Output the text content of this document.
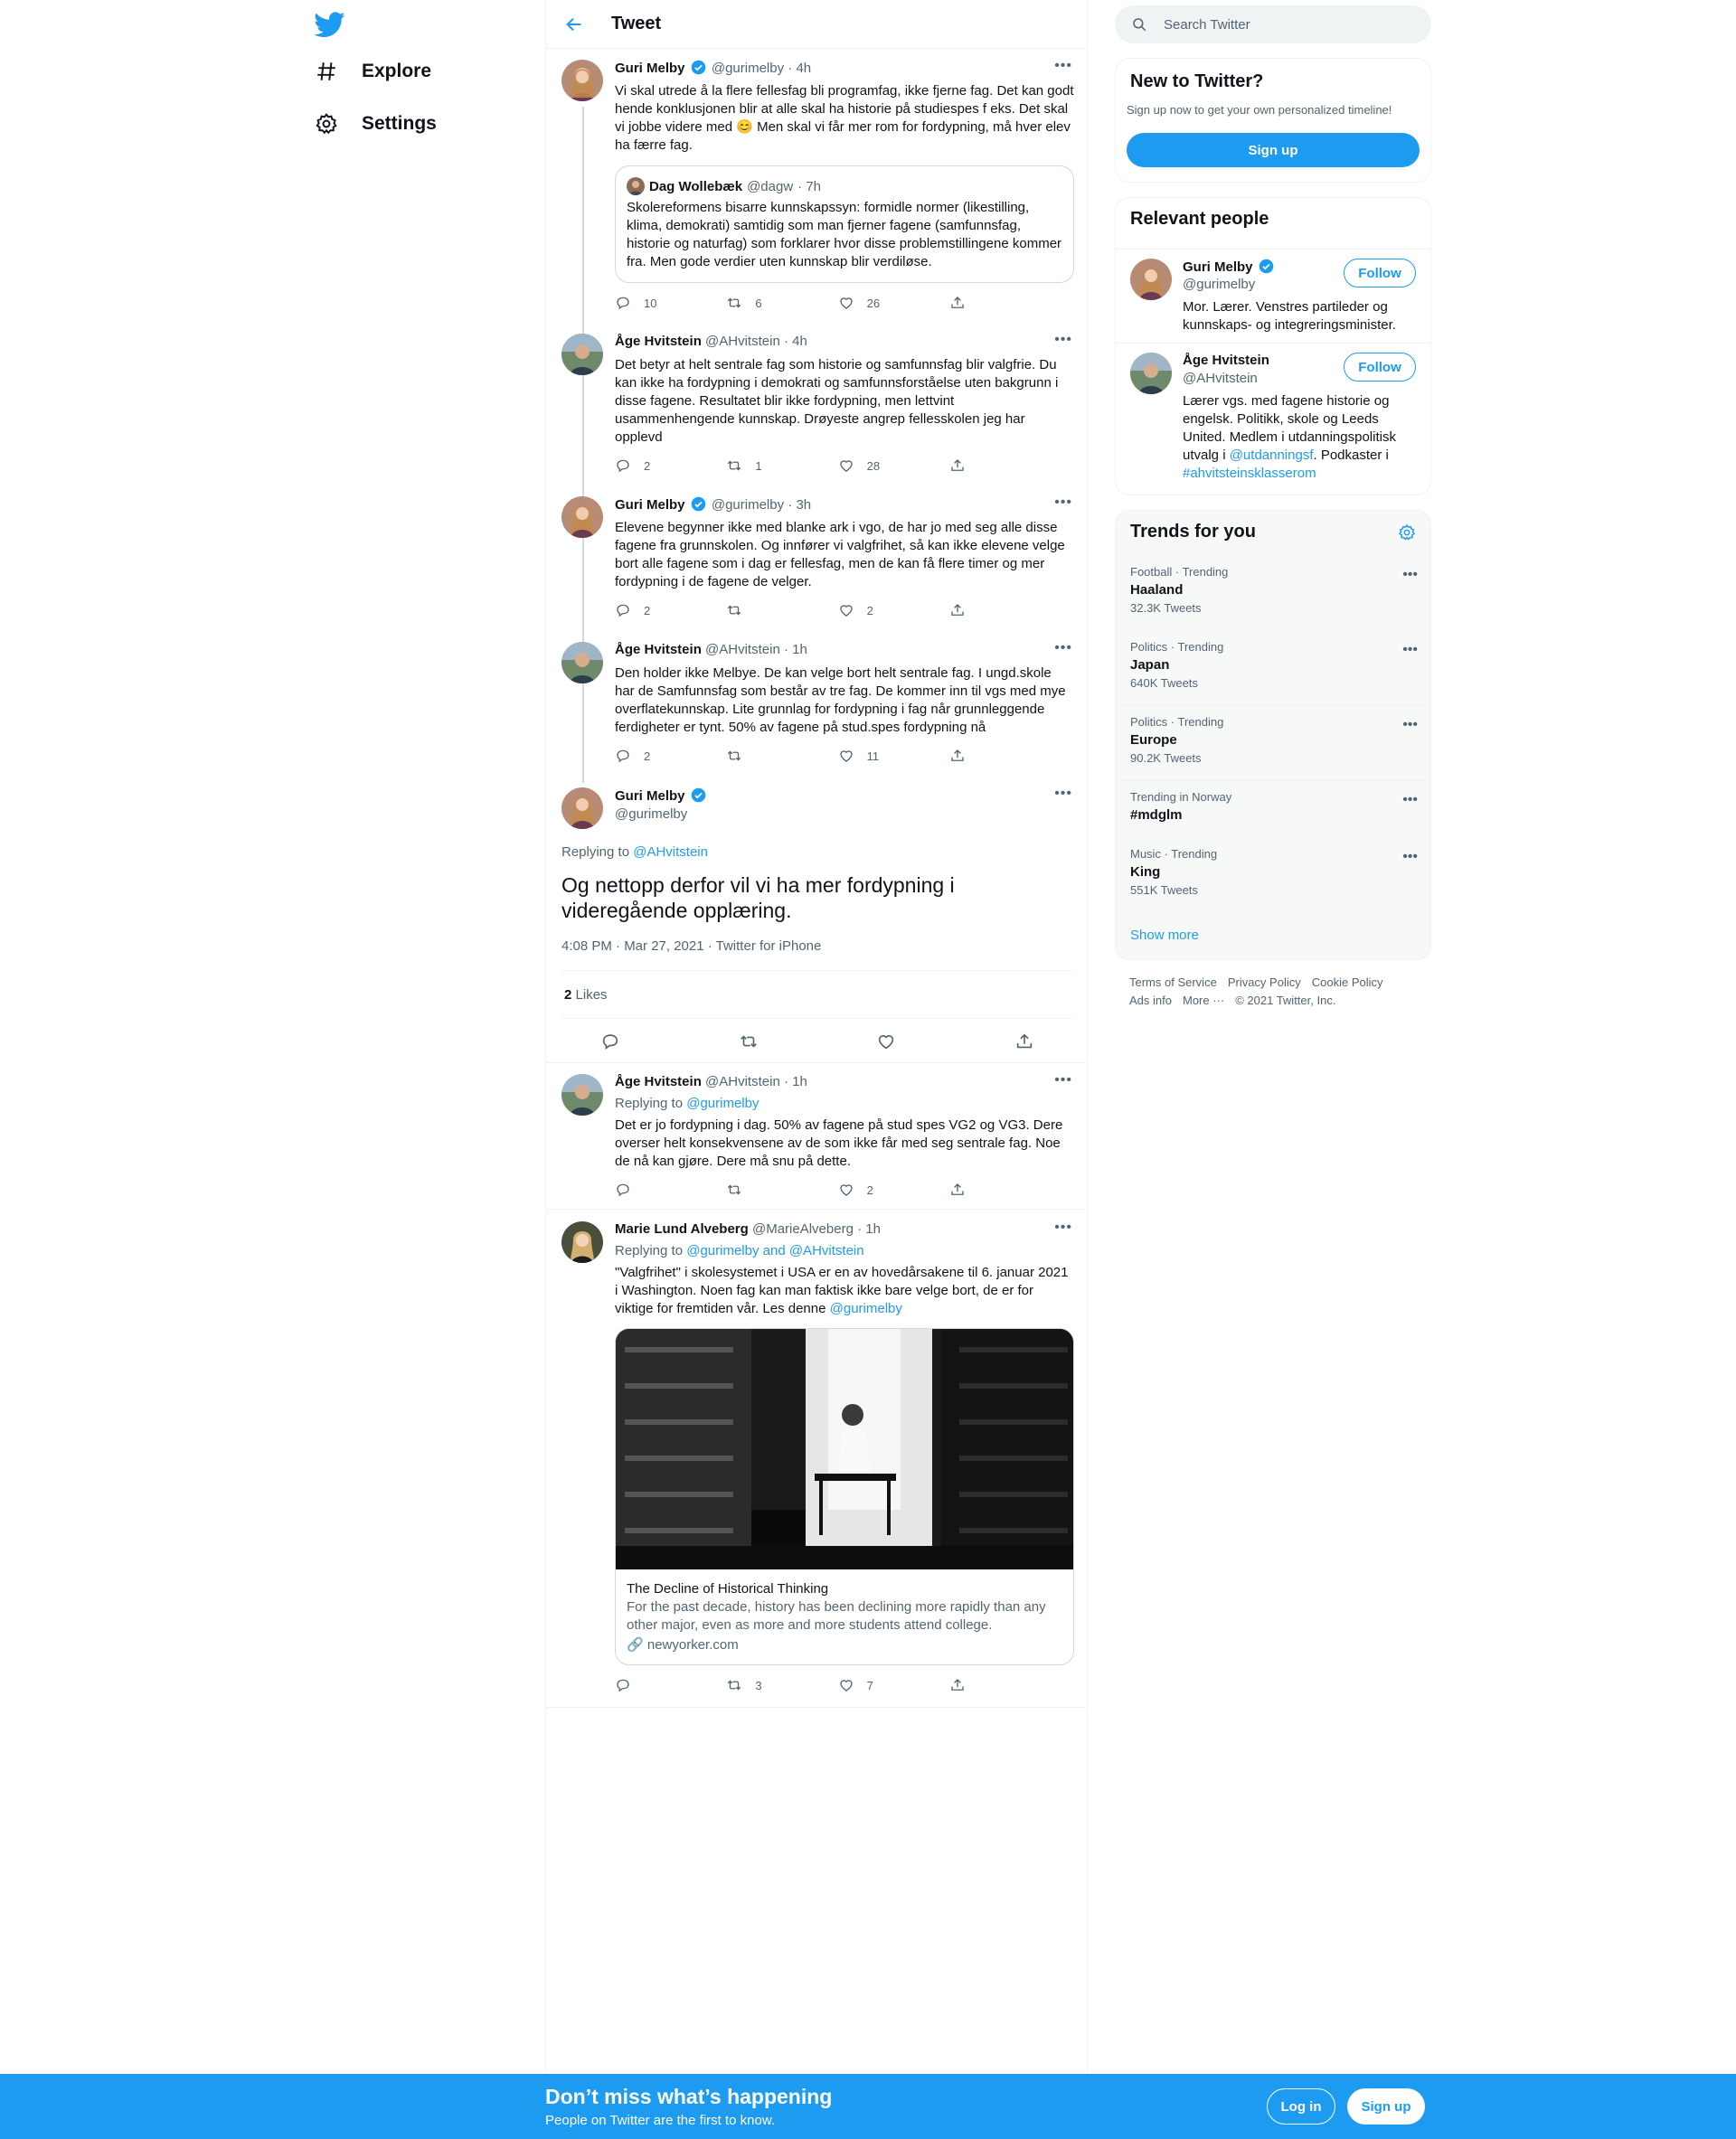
Explore
Settings
Tweet
Guri Melby @gurimelby · 4h	•••
Vi skal utrede å la flere fellesfag bli programfag, ikke fjerne fag. Det kan godt hende konklusjonen blir at alle skal ha historie på studiespes f eks. Det skal vi jobbe videre med 😊 Men skal vi får mer rom for fordypning, må hver elev ha færre fag.
Dag Wollebæk @dagw · 7h
Skolereformens bisarre kunnskapssyn: formidle normer (likestilling, klima, demokrati) samtidig som man fjerner fagene (samfunnsfag, historie og naturfag) som forklarer hvor disse problemstillingene kommer fra. Men gode verdier uten kunnskap blir verdiløse.
10	6	26
Åge Hvitstein @AHvitstein · 4h	•••
Det betyr at helt sentrale fag som historie og samfunnsfag blir valgfrie. Du kan ikke ha fordypning i demokrati og samfunnsforståelse uten bakgrunn i disse fagene. Resultatet blir ikke fordypning, men lettvint usammenhengende kunnskap. Drøyeste angrep fellesskolen jeg har opplevd
2	1	28
Guri Melby @gurimelby · 3h	•••
Elevene begynner ikke med blanke ark i vgo, de har jo med seg alle disse fagene fra grunnskolen. Og innfører vi valgfrihet, så kan ikke elevene velge bort alle fagene som i dag er fellesfag, men de kan få flere timer og mer fordypning i de fagene de velger.
2	2
Åge Hvitstein @AHvitstein · 1h	•••
Den holder ikke Melbye. De kan velge bort helt sentrale fag. I ungd.skole har de Samfunnsfag som består av tre fag. De kommer inn til vgs med mye overflatekunnskap. Lite grunnlag for fordypning i fag når grunnleggende ferdigheter er tynt. 50% av fagene på stud.spes fordypning nå
2	11
Guri Melby
@gurimelby
•••
Replying to @AHvitstein
Og nettopp derfor vil vi ha mer fordypning i videregående opplæring.
4:08 PM · Mar 27, 2021 · Twitter for iPhone
2 Likes
Åge Hvitstein @AHvitstein · 1h	•••
Replying to @gurimelby
Det er jo fordypning i dag. 50% av fagene på stud spes VG2 og VG3. Dere overser helt konsekvensene av de som ikke får med seg sentrale fag. Noe de nå kan gjøre. Dere må snu på dette.
2
Marie Lund Alveberg @MarieAlveberg · 1h	•••
Replying to @gurimelby and @AHvitstein
"Valgfrihet" i skolesystemet i USA er en av hovedårsakene til 6. januar 2021 i Washington. Noen fag kan man faktisk ikke bare velge bort, de er for viktige for fremtiden vår. Les denne @gurimelby
The Decline of Historical Thinking
For the past decade, history has been declining more rapidly than any other major, even as more and more students attend college.
🔗 newyorker.com
3	7
Search Twitter
New to Twitter?
Sign up now to get your own personalized timeline!
Sign up
Relevant people
Guri Melby
@gurimelby
Follow
Mor. Lærer. Venstres partileder og kunnskaps- og integreringsminister.
Åge Hvitstein
@AHvitstein
Follow
Lærer vgs. med fagene historie og engelsk. Politikk, skole og Leeds United. Medlem i utdanningspolitisk utvalg i @utdanningsf. Podkaster i #ahvitsteinsklasserom
Trends for you
Football · Trending
Haaland
32.3K Tweets
•••
Politics · Trending
Japan
640K Tweets
•••
Politics · Trending
Europe
90.2K Tweets
•••
Trending in Norway
#mdglm
•••
Music · Trending
King
551K Tweets
•••
Show more
Terms of Service Privacy Policy Cookie Policy
Ads info More ··· © 2021 Twitter, Inc.
Don’t miss what’s happening
People on Twitter are the first to know.
Log in	Sign up
